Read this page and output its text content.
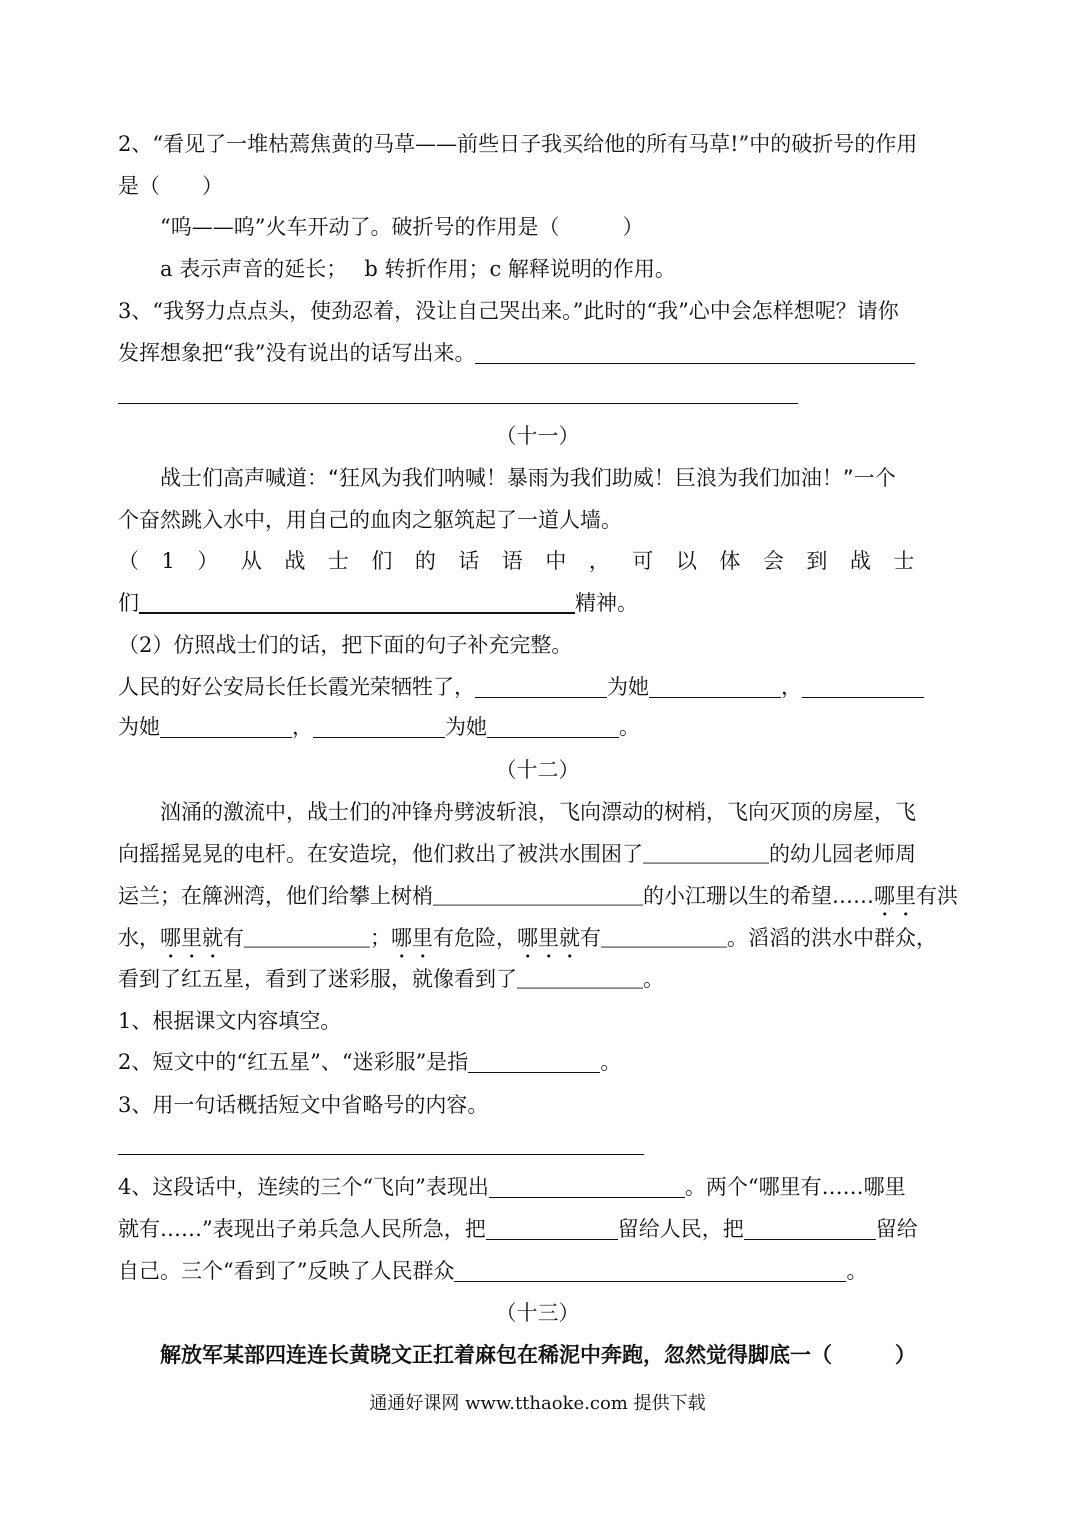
2、“看见了一堆枯蔫焦黄的马草——前些日子我买给他的所有马草!”中的破折号的作用
是（　　）
“呜——呜”火车开动了。破折号的作用是（　　　）
a 表示声音的延长；　 b 转折作用；c 解释说明的作用。
3、“我努力点点头，使劲忍着，没让自己哭出来。”此时的“我”心中会怎样想呢？请你
发挥想象把“我”没有说出的话写出来。
（十一）
战士们高声喊道：“狂风为我们呐喊！暴雨为我们助威！巨浪为我们加油！”一个
个奋然跳入水中，用自己的血肉之躯筑起了一道人墙。
（1）从战士们的话语中，可以体会到战士
们	精神。
（2）仿照战士们的话，把下面的句子补充完整。
人民的好公安局长任长霞光荣牺牲了，	为她	，
为她	，	为她	。
（十二）
汹涌的激流中，战士们的冲锋舟劈波斩浪，飞向漂动的树梢，飞向灭顶的房屋，飞
向摇摇晃晃的电杆。在安造垸，他们救出了被洪水围困了＿＿＿＿＿＿的幼儿园老师周
运兰；在簰洲湾，他们给攀上树梢＿＿＿＿＿＿＿＿＿＿的小江珊以生的希望……哪里有洪
水，哪里就有＿＿＿＿＿＿；哪里有危险，哪里就有＿＿＿＿＿＿。滔滔的洪水中群众，
看到了红五星，看到了迷彩服，就像看到了＿＿＿＿＿＿。
1、根据课文内容填空。
2、短文中的“红五星”、“迷彩服”是指	。
3、用一句话概括短文中省略号的内容。
4、这段话中，连续的三个“飞向”表现出	。两个“哪里有……哪里
就有……”表现出子弟兵急人民所急，把	留给人民，把	留给
自己。三个“看到了”反映了人民群众	。
（十三）
解放军某部四连连长黄晓文正扛着麻包在稀泥中奔跑，忽然觉得脚底一（　　　）
通通好课网 www.tthaoke.com 提供下载
